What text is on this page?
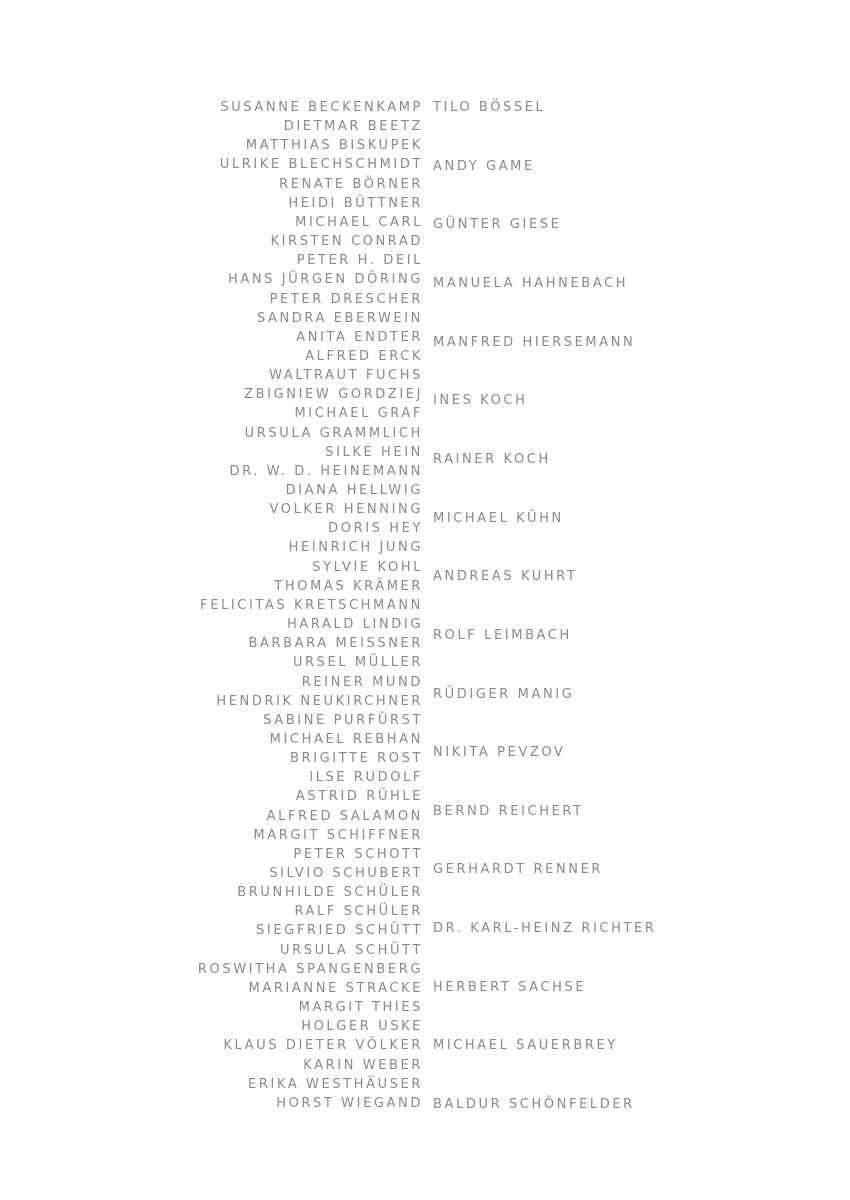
SUSANNE BECKENKAMP
DIETMAR BEETZ
MATTHIAS BISKUPEK
ULRIKE BLECHSCHMIDT
RENATE BÖRNER
HEIDI BÜTTNER
MICHAEL CARL
KIRSTEN CONRAD
PETER H. DEIL
HANS JÜRGEN DÖRING
PETER DRESCHER
SANDRA EBERWEIN
ANITA ENDTER
ALFRED ERCK
WALTRAUT FUCHS
ZBIGNIEW GORDZIEJ
MICHAEL GRAF
URSULA GRAMMLICH
SILKE HEIN
DR. W. D. HEINEMANN
DIANA HELLWIG
VOLKER HENNING
DORIS HEY
HEINRICH JUNG
SYLVIE KOHL
THOMAS KRÄMER
FELICITAS KRETSCHMANN
HARALD LINDIG
BARBARA MEISSNER
URSEL MÜLLER
REINER MUND
HENDRIK NEUKIRCHNER
SABINE PURFÜRST
MICHAEL REBHAN
BRIGITTE ROST
ILSE RUDOLF
ASTRID RÜHLE
ALFRED SALAMON
MARGIT SCHIFFNER
PETER SCHOTT
SILVIO SCHUBERT
BRUNHILDE SCHÜLER
RALF SCHÜLER
SIEGFRIED SCHÜTT
URSULA SCHÜTT
ROSWITHA SPANGENBERG
MARIANNE STRACKE
MARGIT THIES
HOLGER USKE
KLAUS DIETER VÖLKER
KARIN WEBER
ERIKA WESTHÄUSER
HORST WIEGAND
TILO BÖSSEL
ANDY GAME
GÜNTER GIESE
MANUELA HAHNEBACH
MANFRED HIERSEMANN
INES KOCH
RAINER KOCH
MICHAEL KÜHN
ANDREAS KUHRT
ROLF LEIMBACH
RÜDIGER MANIG
NIKITA PEVZOV
BERND REICHERT
GERHARDT RENNER
DR. KARL-HEINZ RICHTER
HERBERT SACHSE
MICHAEL SAUERBREY
BALDUR SCHÖNFELDER
